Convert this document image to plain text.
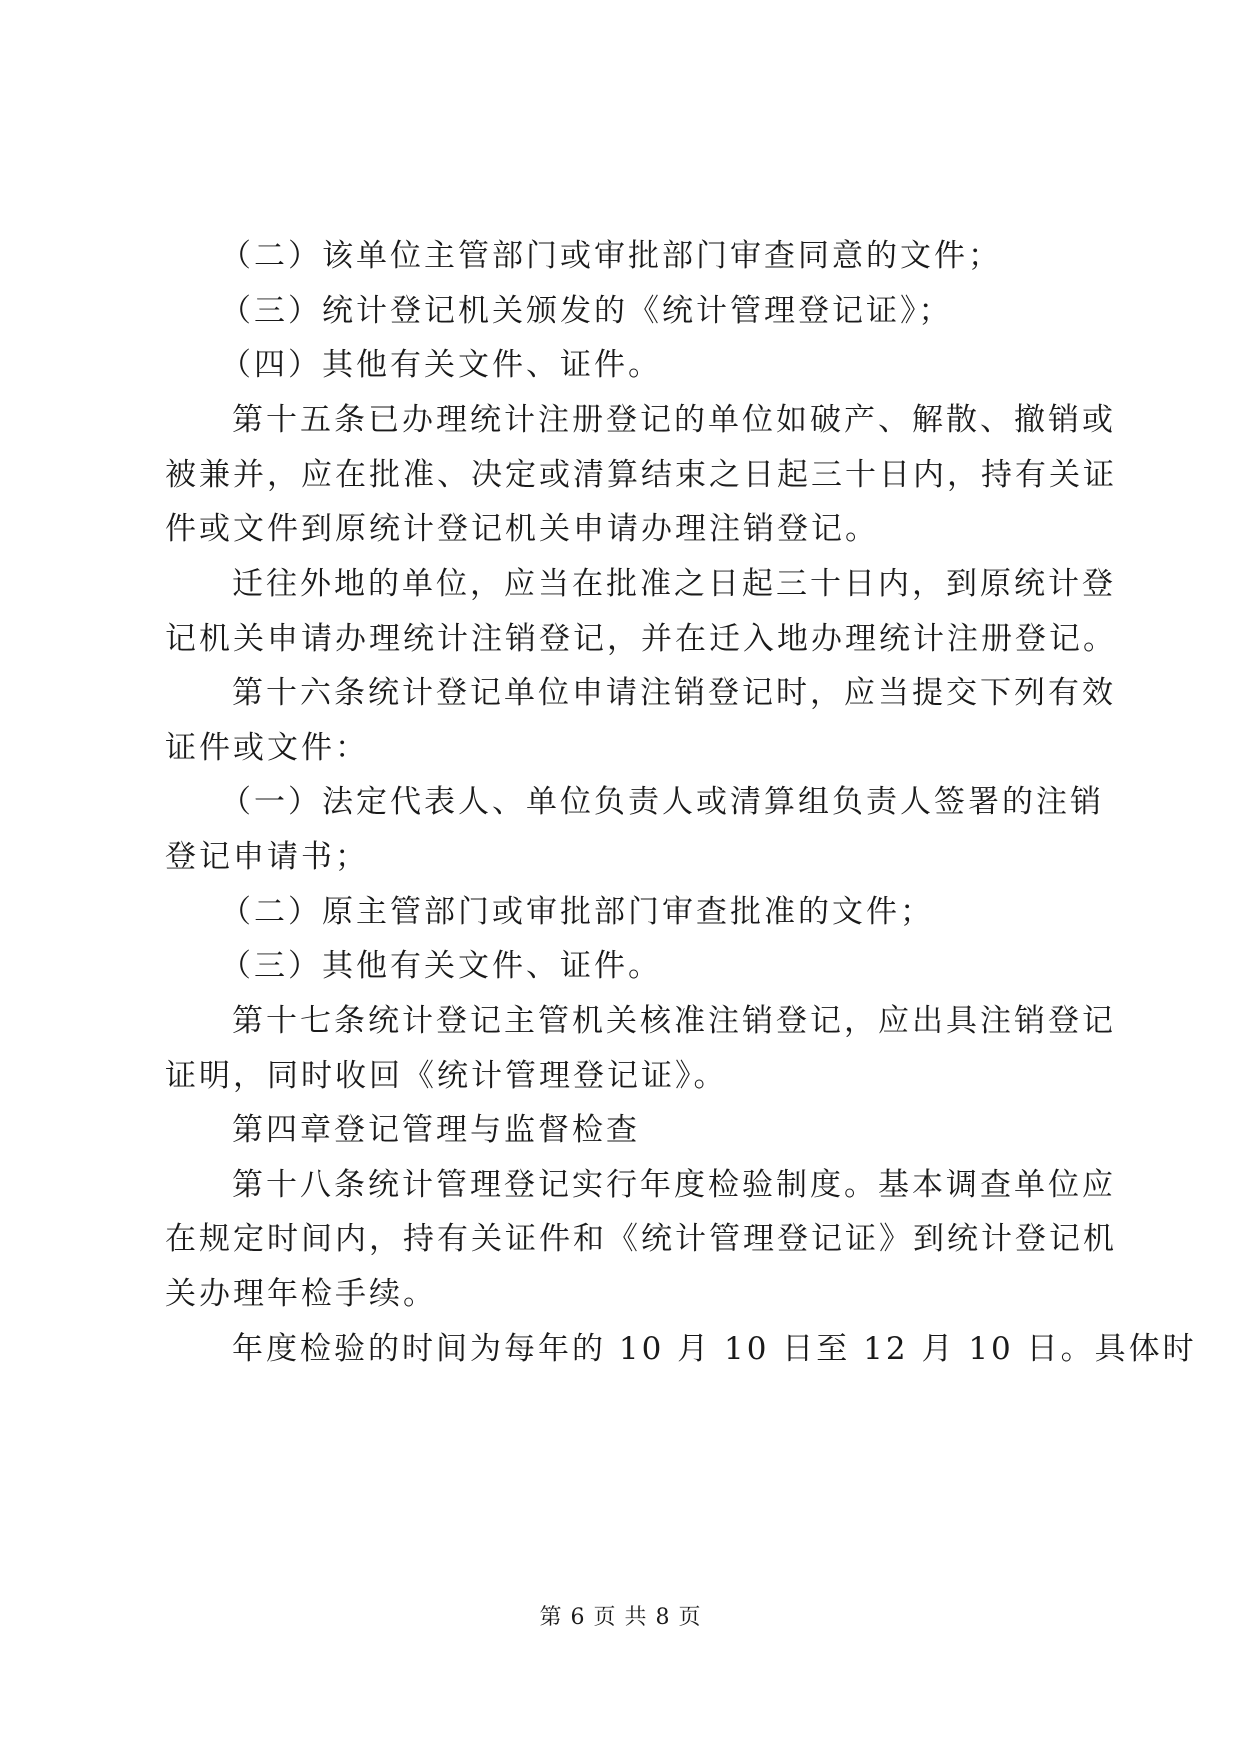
（二）该单位主管部门或审批部门审查同意的文件；
（三）统计登记机关颁发的《统计管理登记证》；
（四）其他有关文件、证件。
第十五条已办理统计注册登记的单位如破产、解散、撤销或
被兼并，应在批准、决定或清算结束之日起三十日内，持有关证
件或文件到原统计登记机关申请办理注销登记。
迁往外地的单位，应当在批准之日起三十日内，到原统计登
记机关申请办理统计注销登记，并在迁入地办理统计注册登记。
第十六条统计登记单位申请注销登记时，应当提交下列有效
证件或文件：
（一）法定代表人、单位负责人或清算组负责人签署的注销
登记申请书；
（二）原主管部门或审批部门审查批准的文件；
（三）其他有关文件、证件。
第十七条统计登记主管机关核准注销登记，应出具注销登记
证明，同时收回《统计管理登记证》。
第四章登记管理与监督检查
第十八条统计管理登记实行年度检验制度。基本调查单位应
在规定时间内，持有关证件和《统计管理登记证》到统计登记机
关办理年检手续。
年度检验的时间为每年的 10 月 10 日至 12 月 10 日。具体时
第 6 页 共 8 页
